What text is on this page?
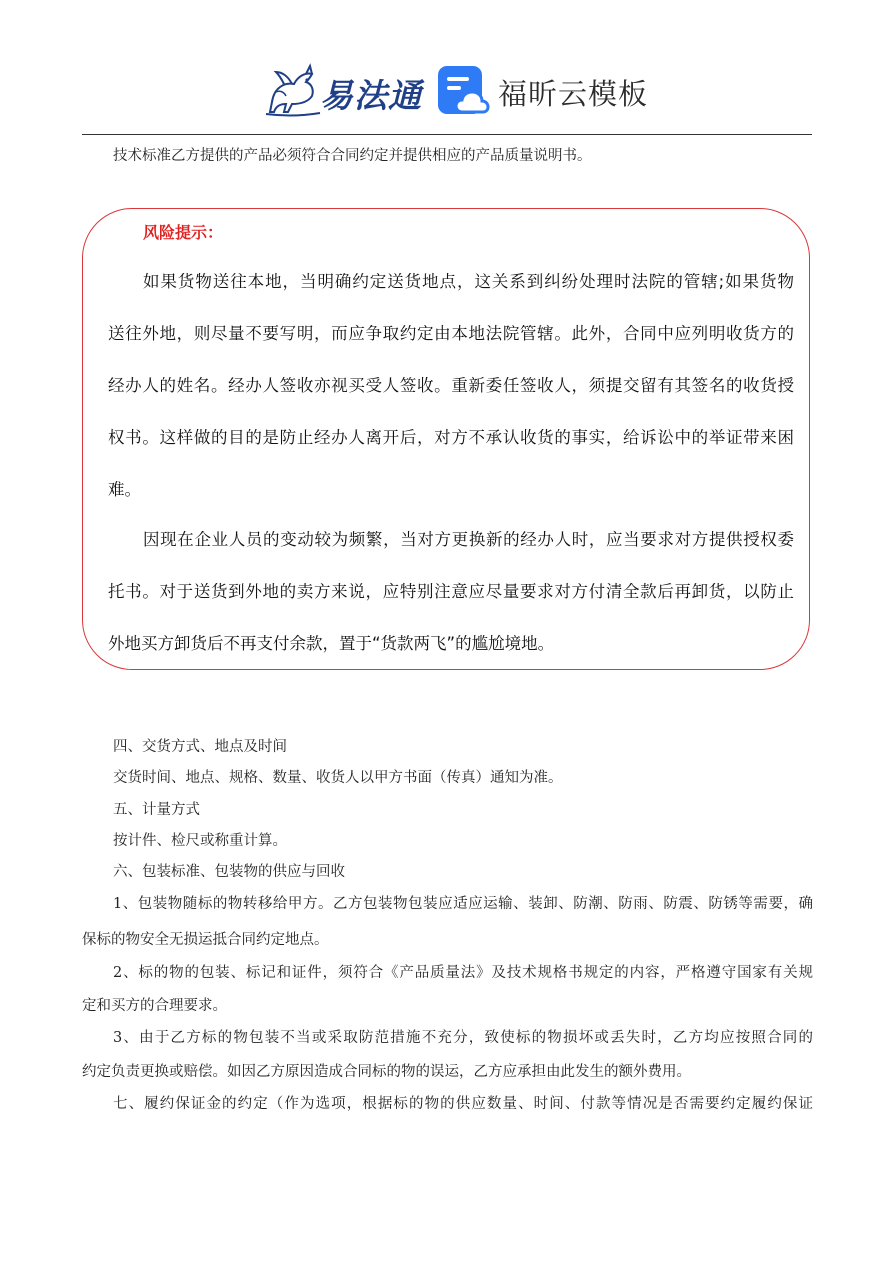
易法通	福昕云模板
技术标准乙方提供的产品必须符合合同约定并提供相应的产品质量说明书。
风险提示：
如果货物送往本地，当明确约定送货地点，这关系到纠纷处理时法院的管辖;如果货物
送往外地，则尽量不要写明，而应争取约定由本地法院管辖。此外，合同中应列明收货方的
经办人的姓名。经办人签收亦视买受人签收。重新委任签收人，须提交留有其签名的收货授
权书。这样做的目的是防止经办人离开后，对方不承认收货的事实，给诉讼中的举证带来困
难。
因现在企业人员的变动较为频繁，当对方更换新的经办人时，应当要求对方提供授权委
托书。对于送货到外地的卖方来说，应特别注意应尽量要求对方付清全款后再卸货，以防止
外地买方卸货后不再支付余款，置于“货款两飞”的尴尬境地。
四、交货方式、地点及时间
交货时间、地点、规格、数量、收货人以甲方书面（传真）通知为准。
五、计量方式
按计件、检尺或称重计算。
六、包装标准、包装物的供应与回收
1、包装物随标的物转移给甲方。乙方包装物包装应适应运输、装卸、防潮、防雨、防震、防锈等需要，确
保标的物安全无损运抵合同约定地点。
2、标的物的包装、标记和证件，须符合《产品质量法》及技术规格书规定的内容，严格遵守国家有关规
定和买方的合理要求。
3、由于乙方标的物包装不当或采取防范措施不充分，致使标的物损坏或丢失时，乙方均应按照合同的
约定负责更换或赔偿。如因乙方原因造成合同标的物的误运，乙方应承担由此发生的额外费用。
七、履约保证金的约定（作为选项，根据标的物的供应数量、时间、付款等情况是否需要约定履约保证
